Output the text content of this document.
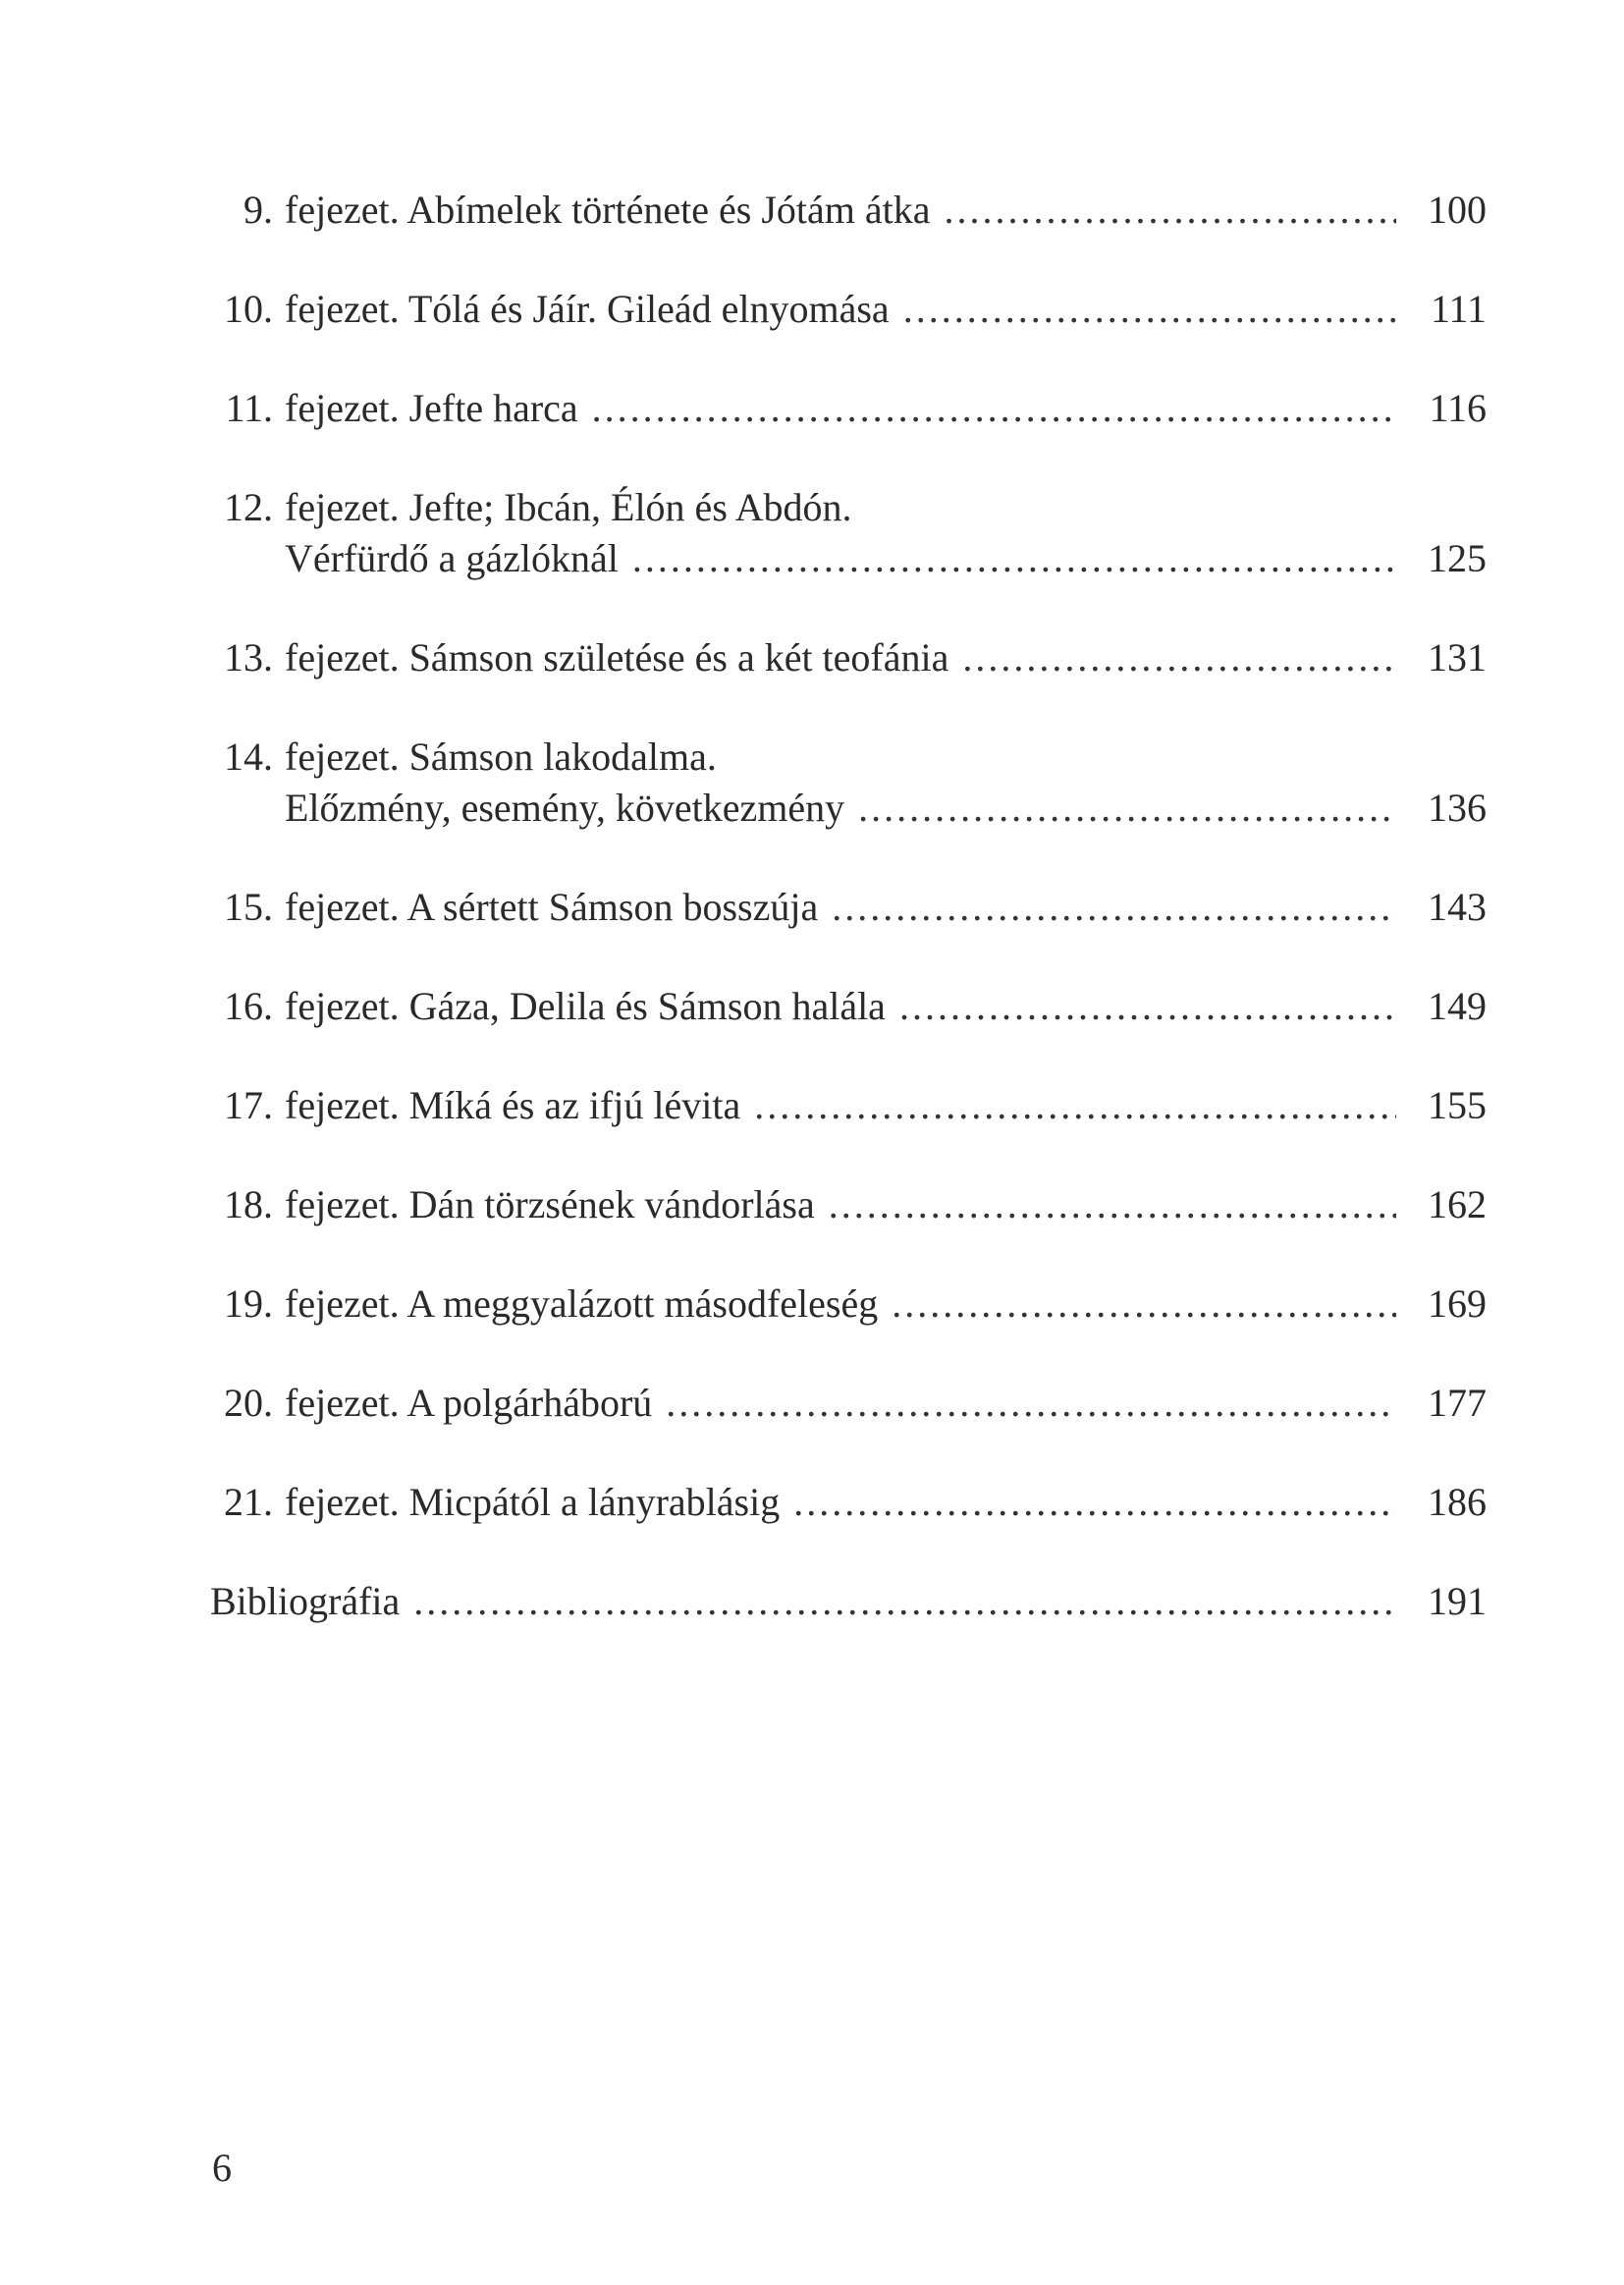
9. fejezet. Abímelek története és Jótám átka .....	100
10. fejezet. Tólá és Jáír. Gileád elnyomása .....	111
11. fejezet. Jefte harca .....	116
12. fejezet. Jefte; Ibcán, Élón és Abdón.
Vérfürdő a gázlóknál .....	125
13. fejezet. Sámson születése és a két teofánia .....	131
14. fejezet. Sámson lakodalma.
Előzmény, esemény, következmény .....	136
15. fejezet. A sértett Sámson bosszúja .....	143
16. fejezet. Gáza, Delila és Sámson halála .....	149
17. fejezet. Míká és az ifjú lévita .....	155
18. fejezet. Dán törzsének vándorlása .....	162
19. fejezet. A meggyalázott másodfeleség .....	169
20. fejezet. A polgárháború .....	177
21. fejezet. Micpától a lányrablásig .....	186
Bibliográfia .....	191
6
